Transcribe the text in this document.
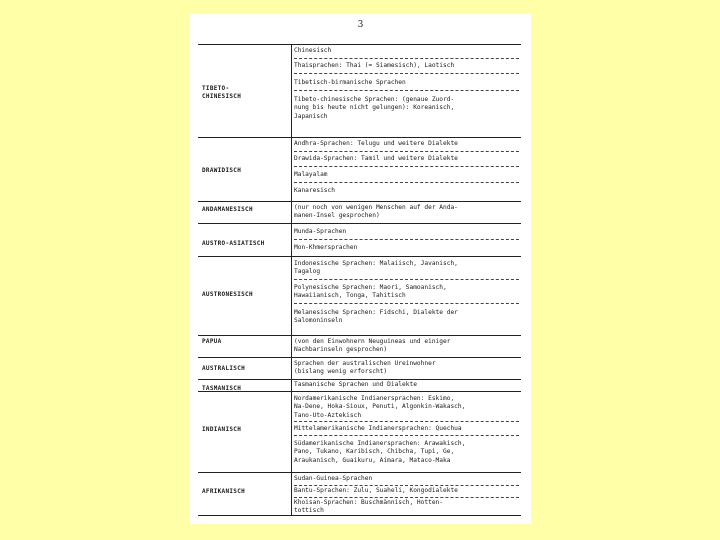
3
TIBETO-
CHINESISCH
Chinesisch
Thaisprachen: Thai (= Siamesisch), Laotisch
Tibetisch-birmanische Sprachen
Tibeto-chinesische Sprachen: (genaue Zuord-
nung bis heute nicht gelungen): Koreanisch,
Japanisch
DRAWIDISCH
Andhra-Sprachen: Telugu und weitere Dialekte
Drawida-Sprachen: Tamil und weitere Dialekte
Malayalam
Kanaresisch
ANDAMANESISCH	(nur noch von wenigen Menschen auf der Anda-
manen-Insel gesprochen)
AUSTRO-ASIATISCH
Munda-Sprachen
Mon-Khmersprachen
AUSTRONESISCH
Indonesische Sprachen: Malaiisch, Javanisch,
Tagalog
Polynesische Sprachen: Maori, Samoanisch,
Hawaiianisch, Tonga, Tahitisch
Melanesische Sprachen: Fidschi, Dialekte der
Salomoninseln
PAPUA	(von den Einwohnern Neuguineas und einiger
Nachbarinseln gesprochen)
AUSTRALISCH
Sprachen der australischen Ureinwohner
(bislang wenig erforscht)
TASMANISCH
Tasmanische Sprachen und Dialekte
INDIANISCH
Nordamerikanische Indianersprachen: Eskimo,
Na-Dene, Hoka-Sioux, Penuti, Algonkin-Wakasch,
Tano-Uto-Aztekisch
Mittelamerikanische Indianersprachen: Quechua
Südamerikanische Indianersprachen: Arawakisch,
Pano, Tukano, Karibisch, Chibcha, Tupi, Ge,
Araukanisch, Guaikuru, Aimara, Mataco-Maka
AFRIKANISCH
Sudan-Guinea-Sprachen
Bantu-Sprachen: Zulu, Suaheli, Kongodialekte
Khoisan-Sprachen: Buschmännisch, Hotten-
tottisch
